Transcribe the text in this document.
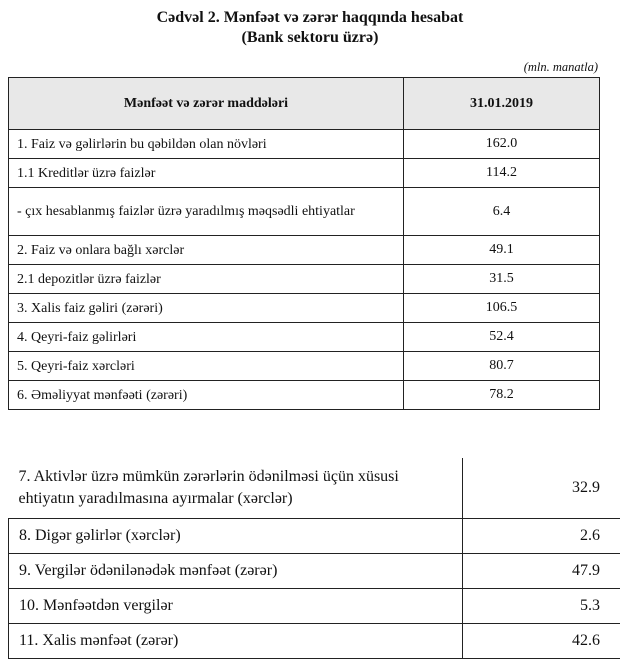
Cədvəl 2. Mənfəət və zərər haqqında hesabat
(Bank sektoru üzrə)
(mln. manatla)
Mənfəət və zərər maddələri	31.01.2019
1. Faiz və gəlirlərin bu qəbildən olan növləri	162.0
1.1 Kreditlər üzrə faizlər	114.2
- çıx hesablanmış faizlər üzrə yaradılmış məqsədli ehtiyatlar	6.4
2. Faiz və onlara bağlı xərclər	49.1
2.1 depozitlər üzrə faizlər	31.5
3. Xalis faiz gəliri (zərəri)	106.5
4. Qeyri-faiz gəlirləri	52.4
5. Qeyri-faiz xərcləri	80.7
6. Əməliyyat mənfəəti (zərəri)	78.2
7. Aktivlər üzrə mümkün zərərlərin ödənilməsi üçün xüsusi ehtiyatın yaradılmasına ayırmalar (xərclər)	32.9
8. Digər gəlirlər (xərclər)	2.6
9. Vergilər ödənilənədək mənfəət (zərər)	47.9
10. Mənfəətdən vergilər	5.3
11. Xalis mənfəət (zərər)	42.6
